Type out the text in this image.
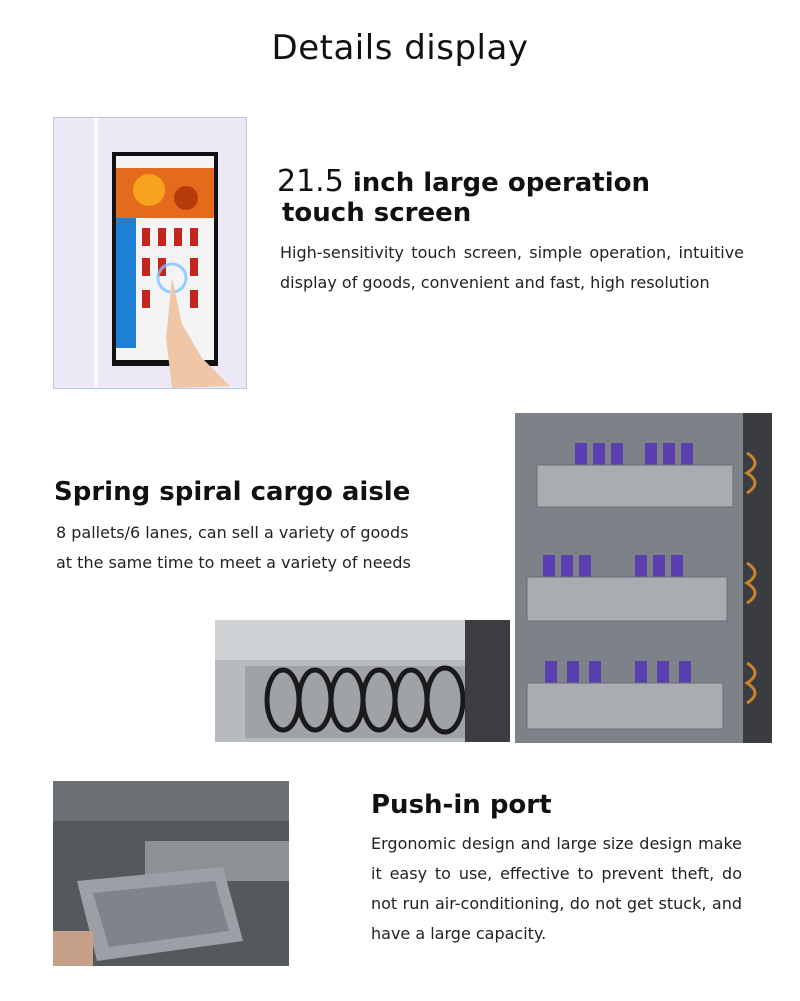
Details display
21.5 inch large operation
touch screen
High-sensitivity touch screen, simple operation, intuitive display of goods, convenient and fast, high resolution
Spring spiral cargo aisle
8 pallets/6 lanes, can sell a variety of goods at the same time to meet a variety of needs
Push-in port
Ergonomic design and large size design make it easy to use, effective to prevent theft, do not run air-conditioning, do not get stuck, and have a large capacity.
